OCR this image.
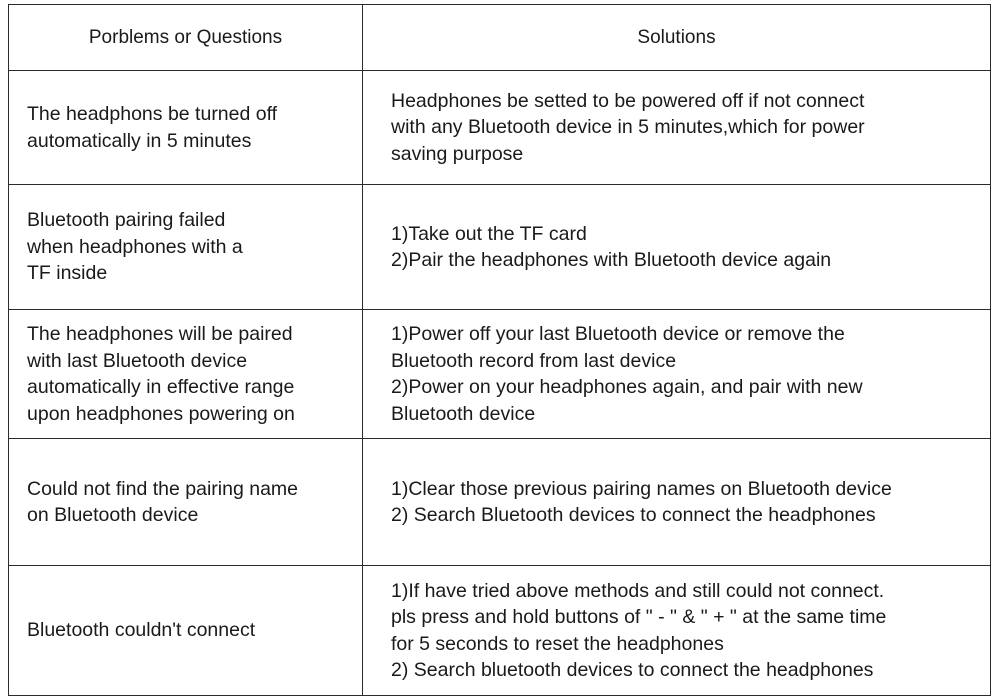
Porblems or Questions	Solutions

The headphons be turned off
automatically in 5 minutes	Headphones be setted to be powered off if not connect
with any Bluetooth device in 5 minutes,which for power
saving purpose

Bluetooth pairing failed
when headphones with a
TF inside	1)Take out the TF card
2)Pair the headphones with Bluetooth device again

The headphones will be paired
with last Bluetooth device
automatically in effective range
upon headphones powering on	1)Power off your last Bluetooth device or remove the
Bluetooth record from last device
2)Power on your headphones again, and pair with new
Bluetooth device

Could not find the pairing name
on Bluetooth device	1)Clear those previous pairing names on Bluetooth device
2) Search Bluetooth devices to connect the headphones

Bluetooth couldn't connect	1)If have tried above methods and still could not connect.
pls press and hold buttons of " - " & " + " at the same time
for 5 seconds to reset the headphones
2) Search bluetooth devices to connect the headphones
